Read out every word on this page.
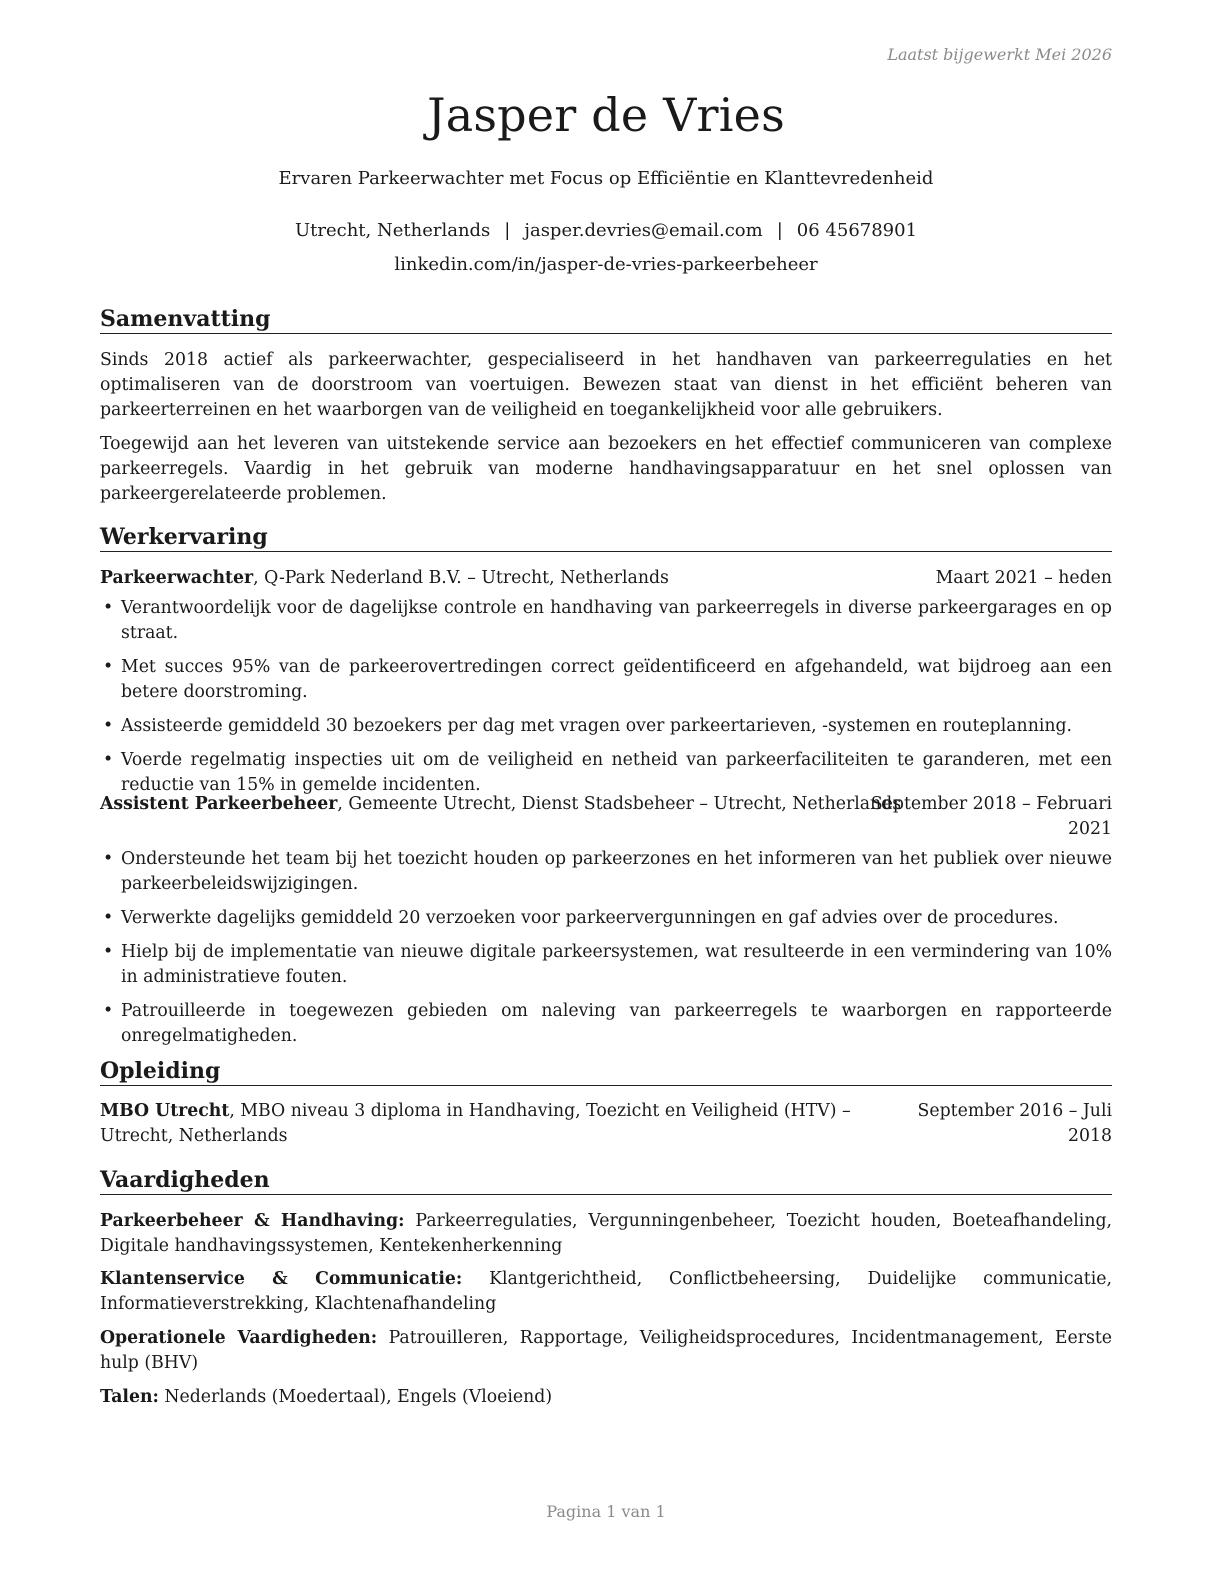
Laatst bijgewerkt Mei 2026
Jasper de Vries
Ervaren Parkeerwachter met Focus op Efficiëntie en Klanttevredenheid
Utrecht, Netherlands | jasper.devries@email.com | 06 45678901
linkedin.com/in/jasper-de-vries-parkeerbeheer
Samenvatting
Sinds 2018 actief als parkeerwachter, gespecialiseerd in het handhaven van parkeerregulaties en het optimaliseren van de doorstroom van voertuigen. Bewezen staat van dienst in het efficiënt beheren van parkeerterreinen en het waarborgen van de veiligheid en toegankelijkheid voor alle gebruikers.
Toegewijd aan het leveren van uitstekende service aan bezoekers en het effectief communiceren van complexe parkeerregels. Vaardig in het gebruik van moderne handhavingsapparatuur en het snel oplossen van parkeergerelateerde problemen.
Werkervaring
Parkeerwachter, Q-Park Nederland B.V. – Utrecht, Netherlands	Maart 2021 – heden
• Verantwoordelijk voor de dagelijkse controle en handhaving van parkeerregels in diverse parkeergarages en op straat.
• Met succes 95% van de parkeerovertredingen correct geïdentificeerd en afgehandeld, wat bijdroeg aan een betere doorstroming.
• Assisteerde gemiddeld 30 bezoekers per dag met vragen over parkeertarieven, -systemen en routeplanning.
• Voerde regelmatig inspecties uit om de veiligheid en netheid van parkeerfaciliteiten te garanderen, met een reductie van 15% in gemelde incidenten.
Assistent Parkeerbeheer, Gemeente Utrecht, Dienst Stadsbeheer – Utrecht, Netherlands
September 2018 – Februari
2021
• Ondersteunde het team bij het toezicht houden op parkeerzones en het informeren van het publiek over nieuwe parkeerbeleidswijzigingen.
• Verwerkte dagelijks gemiddeld 20 verzoeken voor parkeervergunningen en gaf advies over de procedures.
• Hielp bij de implementatie van nieuwe digitale parkeersystemen, wat resulteerde in een vermindering van 10% in administratieve fouten.
• Patrouilleerde in toegewezen gebieden om naleving van parkeerregels te waarborgen en rapporteerde onregelmatigheden.
Opleiding
MBO Utrecht, MBO niveau 3 diploma in Handhaving, Toezicht en Veiligheid (HTV) –
Utrecht, Netherlands
September 2016 – Juli
2018
Vaardigheden
Parkeerbeheer & Handhaving: Parkeerregulaties, Vergunningenbeheer, Toezicht houden, Boeteafhandeling, Digitale handhavingssystemen, Kentekenherkenning
Klantenservice & Communicatie: Klantgerichtheid, Conflictbeheersing, Duidelijke communicatie, Informatieverstrekking, Klachtenafhandeling
Operationele Vaardigheden: Patrouilleren, Rapportage, Veiligheidsprocedures, Incidentmanagement, Eerste hulp (BHV)
Talen: Nederlands (Moedertaal), Engels (Vloeiend)
Pagina 1 van 1
